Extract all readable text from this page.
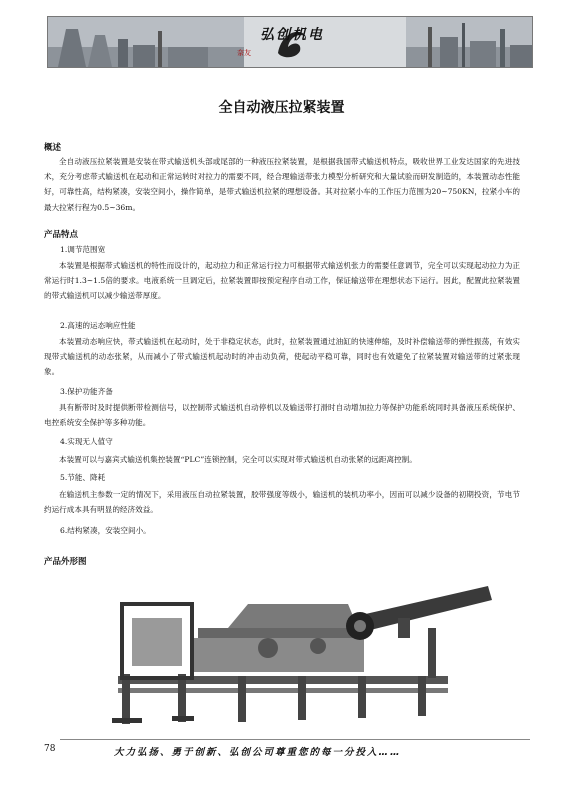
弘创机电
奈友
全自动液压拉紧装置
概述

全自动液压拉紧装置是安装在带式输送机头部或尾部的一种液压拉紧装置，是根据我国带式输送机特点，吸收世界工业发达国家的先进技术，充分考虑带式输送机在起动和正常运转时对拉力的需要不同，经合理输送带张力模型分析研究和大量试验而研发制造的，本装置动态性能好，可靠性高，结构紧凑，安装空间小，操作简单，是带式输送机拉紧的理想设备。其对拉紧小车的工作压力范围为20~750KN，拉紧小车的最大拉紧行程为0.5~36m。

产品特点
1.调节范围宽

本装置是根据带式输送机的特性而设计的，起动拉力和正常运行拉力可根据带式输送机张力的需要任意调节，完全可以实现起动拉力为正常运行时1.3~1.5倍的要求。电液系统一旦调定后，拉紧装置即按预定程序自动工作，保证输送带在理想状态下运行。因此，配置此拉紧装置的带式输送机可以减少输送带厚度。

2.高速的运态响应性能

本装置动态响应快，带式输送机在起动时，处于非稳定状态，此时，拉紧装置通过油缸的快速伸缩，及时补偿输送带的弹性振荡，有效实现带式输送机的动态张紧，从而减小了带式输送机起动时的冲击动负荷，使起动平稳可靠，同时也有效避免了拉紧装置对输送带的过紧张现象。

3.保护功能齐备

具有断带时及时提供断带检测信号，以控制带式输送机自动停机以及输送带打滑时自动增加拉力等保护功能系统同时具备液压系统保护、电控系统安全保护等多种功能。

4.实现无人值守

本装置可以与嘉宾式输送机集控装置“PLC”连锁控制，完全可以实现对带式输送机自动张紧的远距离控制。

5.节能、降耗

在输送机主参数一定的情况下，采用液压自动拉紧装置，胶带强度等级小，输送机的装机功率小，因而可以减少设备的初期投资，节电节约运行成本具有明显的经济效益。

6.结构紧凑，安装空间小。
产品外形图
78	大力弘扬、勇于创新、弘创公司尊重您的每一分投入……
